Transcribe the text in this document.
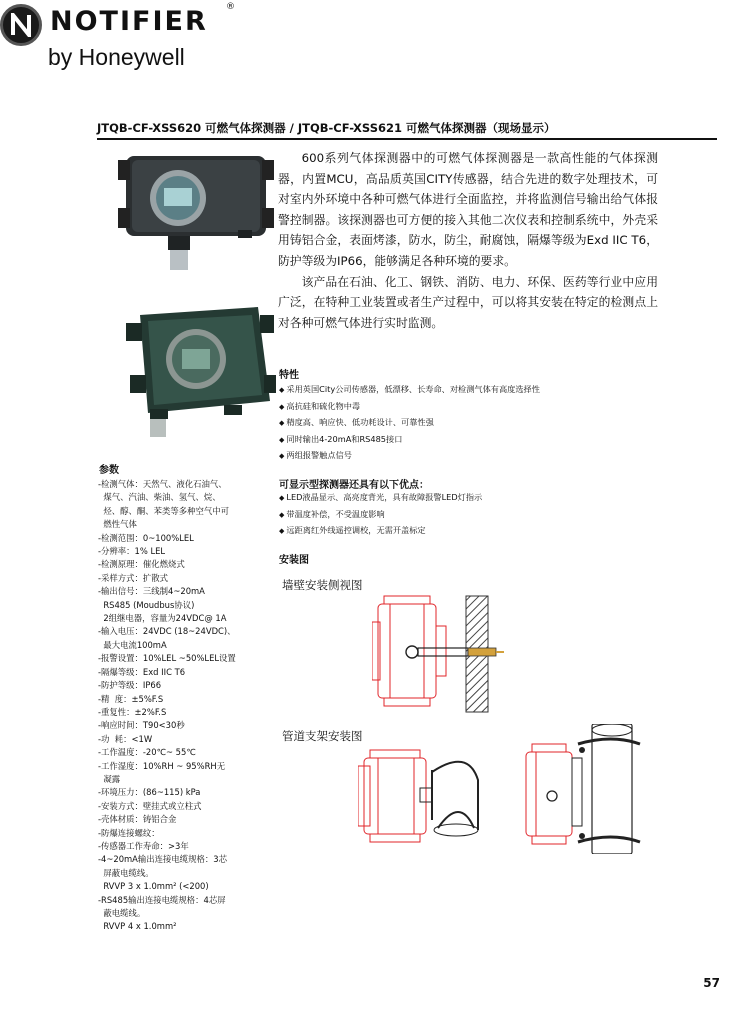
NOTIFIER ®
by Honeywell
JTQB-CF-XSS620 可燃气体探测器 / JTQB-CF-XSS621 可燃气体探测器（现场显示）

600系列气体探测器中的可燃气体探测器是一款高性能的气体探测器，内置MCU，高品质英国CITY传感器，结合先进的数字处理技术，可对室内外环境中各种可燃气体进行全面监控，并将监测信号输出给气体报警控制器。该探测器也可方便的接入其他二次仪表和控制系统中，外壳采用铸铝合金，表面烤漆，防水，防尘，耐腐蚀，隔爆等级为Exd IIC T6，防护等级为IP66，能够满足各种环境的要求。

该产品在石油、化工、钢铁、消防、电力、环保、医药等行业中应用广泛，在特种工业装置或者生产过程中，可以将其安装在特定的检测点上对各种可燃气体进行实时监测。

特性
◆ 采用英国City公司传感器，低漂移、长寿命、对检测气体有高度选择性
◆ 高抗硅和硫化物中毒
◆ 精度高、响应快、低功耗设计、可靠性强
◆ 同时输出4-20mA和RS485接口
◆ 两组报警触点信号
可显示型探测器还具有以下优点：
◆ LED液晶显示、高亮度背光，具有故障报警LED灯指示
◆ 带温度补偿，不受温度影响
◆ 远距离红外线遥控调校，无需开盖标定
参数
-检测气体：天然气、液化石油气、
煤气、汽油、柴油、氢气、烷、
烃、醇、酮、苯类等多种空气中可
燃性气体
-检测范围：0~100%LEL
-分辨率：1% LEL
-检测原理：催化燃烧式
-采样方式：扩散式
-输出信号：三线制4~20mA
RS485 (Moudbus协议)
2组继电器，容量为24VDC@ 1A
-输入电压：24VDC (18~24VDC)、
最大电流100mA
-报警设置：10%LEL ~50%LEL设置
-隔爆等级：Exd IIC T6
-防护等级：IP66
-精  度：±5%F.S
-重复性：±2%F.S
-响应时间：T90<30秒
-功  耗：<1W
-工作温度：-20℃~ 55℃
-工作湿度：10%RH ~ 95%RH无
凝露
-环境压力：(86~115) kPa
-安装方式：壁挂式或立柱式
-壳体材质：铸铝合金
-防爆连接螺纹：
-传感器工作寿命：>3年
-4~20mA输出连接电缆规格：3芯
屏蔽电缆线。
RVVP 3 x 1.0mm² (<200)
-RS485输出连接电缆规格：4芯屏
蔽电缆线。
RVVP 4 x 1.0mm²
安装图
墙壁安装侧视图
管道支架安装图
57
